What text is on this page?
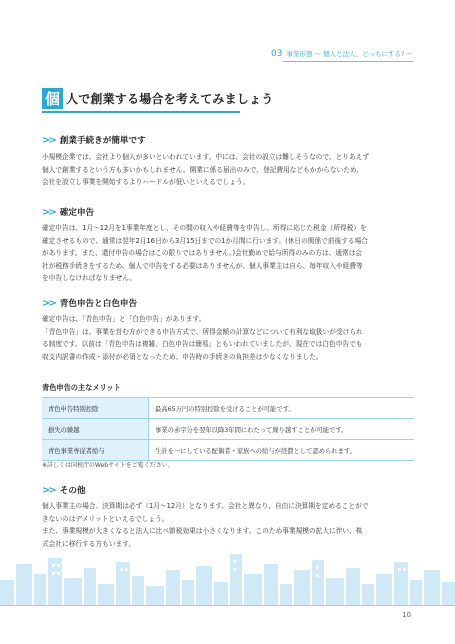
03 事業形態 〜 個人と法人、どっちにする? 〜
個 人で創業する場合を考えてみましょう
>> 創業手続きが簡単です
小規模企業では、会社より個人が多いといわれています。中には、会社の設立は難しそうなので、とりあえず
個人で創業するという方も多いかもしれません。開業に係る届出のみで、登記費用などもかからないため、
会社を設立し事業を開始するよりハードルが低いといえるでしょう。
>> 確定申告
確定申告は、1月〜12月を1事業年度とし、その間の収入や経費等を申告し、所得に応じた税金（所得税）を
確定させるもので、通常は翌年2月16日から3月15日までの1か月間に行います。(休日の関係で前後する場合
があります。また、還付申告の場合はこの限りではありません。)会社勤めで給与所得のみの方は、通常は会
社が税務手続きをするため、個人で申告をする必要はありませんが、個人事業主は自ら、毎年収入や経費等
を申告しなければなりません。
>> 青色申告と白色申告
確定申告は、「青色申告」と「白色申告」があります。
「青色申告」は、事業を営む方ができる申告方式で、所得金額の計算などについて有利な取扱いが受けられ
る制度です。以前は「青色申告は複雑、白色申告は簡易」ともいわれていましたが、現在では白色申告でも
収支内訳書の作成・添付が必須となったため、申告時の手続きの負担差は少なくなりました。
青色申告の主なメリット
青色申告特別控除	最高65万円の特別控除を受けることが可能です。
損失の繰越	事業の赤字分を翌年以降3年間にわたって繰り越すことが可能です。
青色事業専従者給与	生計を一にしている配偶者・家族への給与が経費として認められます。
※詳しくは国税庁のWebサイトをご覧ください。
>> その他
個人事業主の場合、決算期は必ず（1月〜12月）となります。会社と異なり、自由に決算期を定めることがで
きないのはデメリットといえるでしょう。
また、事業規模が大きくなると法人に比べ節税効果は小さくなります。このため事業規模の拡大に伴い、株
式会社に移行する方もいます。
10
